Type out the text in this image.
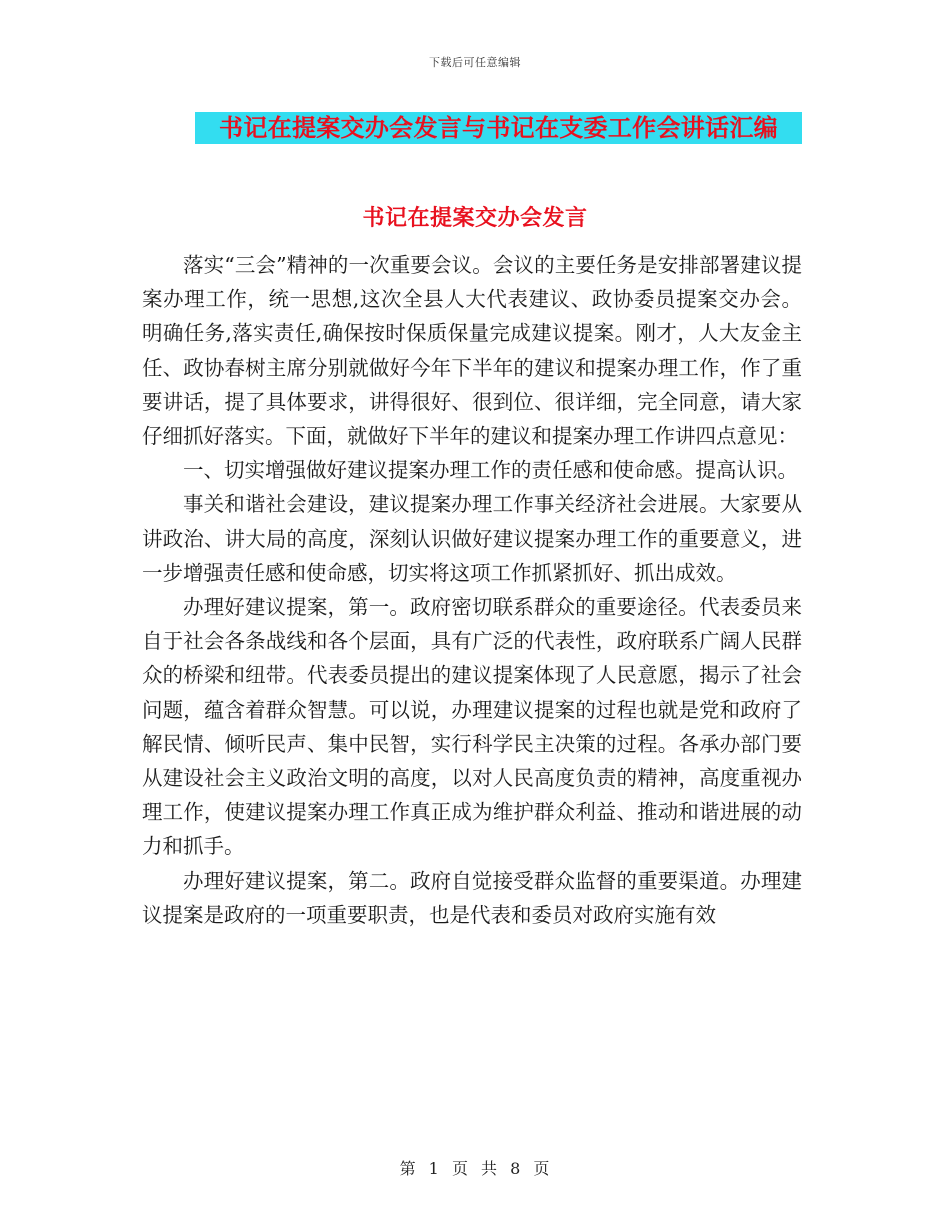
下载后可任意编辑
书记在提案交办会发言与书记在支委工作会讲话汇编
书记在提案交办会发言

落实“三会”精神的一次重要会议。会议的主要任务是安排部署建议提案办理工作，统一思想,这次全县人大代表建议、政协委员提案交办会。明确任务,落实责任,确保按时保质保量完成建议提案。刚才，人大友金主任、政协春树主席分别就做好今年下半年的建议和提案办理工作，作了重要讲话，提了具体要求，讲得很好、很到位、很详细，完全同意，请大家仔细抓好落实。下面，就做好下半年的建议和提案办理工作讲四点意见：

一、切实增强做好建议提案办理工作的责任感和使命感。提高认识。

事关和谐社会建设，建议提案办理工作事关经济社会进展。大家要从讲政治、讲大局的高度，深刻认识做好建议提案办理工作的重要意义，进一步增强责任感和使命感，切实将这项工作抓紧抓好、抓出成效。

办理好建议提案，第一。政府密切联系群众的重要途径。代表委员来自于社会各条战线和各个层面，具有广泛的代表性，政府联系广阔人民群众的桥梁和纽带。代表委员提出的建议提案体现了人民意愿，揭示了社会问题，蕴含着群众智慧。可以说，办理建议提案的过程也就是党和政府了解民情、倾听民声、集中民智，实行科学民主决策的过程。各承办部门要从建设社会主义政治文明的高度，以对人民高度负责的精神，高度重视办理工作，使建议提案办理工作真正成为维护群众利益、推动和谐进展的动力和抓手。

办理好建议提案，第二。政府自觉接受群众监督的重要渠道。办理建议提案是政府的一项重要职责，也是代表和委员对政府实施有效

第 1 页 共 8 页
